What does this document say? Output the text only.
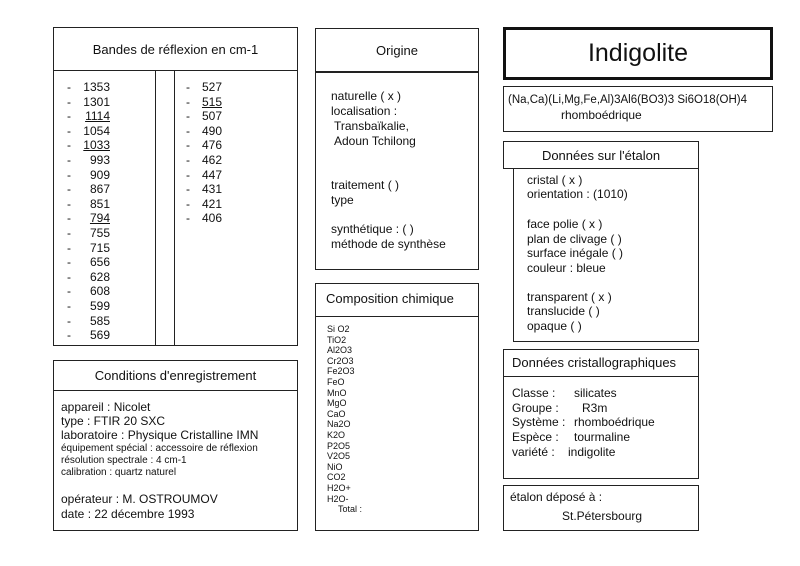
Bandes de réflexion en cm-1
-	1353
-	1301
-	1114
-	1054
-	1033
-	993
-	909
-	867
-	851
-	794
-	755
-	715
-	656
-	628
-	608
-	599
-	585
-	569
- 527
- 515
- 507
- 490
- 476
- 462
- 447
- 431
- 421
- 406
Origine
naturelle ( x )
localisation :
Transbaïkalie,
Adoun Tchilong
traitement ( )
type
synthétique : ( )
méthode de synthèse
Composition chimique
Si O2
TiO2
Al2O3
Cr2O3
Fe2O3
FeO
MnO
MgO
CaO
Na2O
K2O
P2O5
V2O5
NiO
CO2
H2O+
H2O-
Total :
Conditions d'enregistrement
appareil : Nicolet
type : FTIR 20 SXC
laboratoire : Physique Cristalline IMN
équipement spécial : accessoire de réflexion
résolution spectrale : 4 cm-1
calibration : quartz naturel
opérateur : M. OSTROUMOV
date : 22 décembre 1993
Indigolite
(Na,Ca)(Li,Mg,Fe,Al)3Al6(BO3)3 Si6O18(OH)4
rhomboédrique
Données sur l'étalon
cristal ( x )
orientation : (1010)
face polie ( x )
plan de clivage ( )
surface inégale ( )
couleur : bleue
transparent ( x )
translucide ( )
opaque ( )
Données cristallographiques
Classe : silicates
Groupe : R3m
Système : rhomboédrique
Espèce : tourmaline
variété : indigolite
étalon déposé à :
St.Pétersbourg
